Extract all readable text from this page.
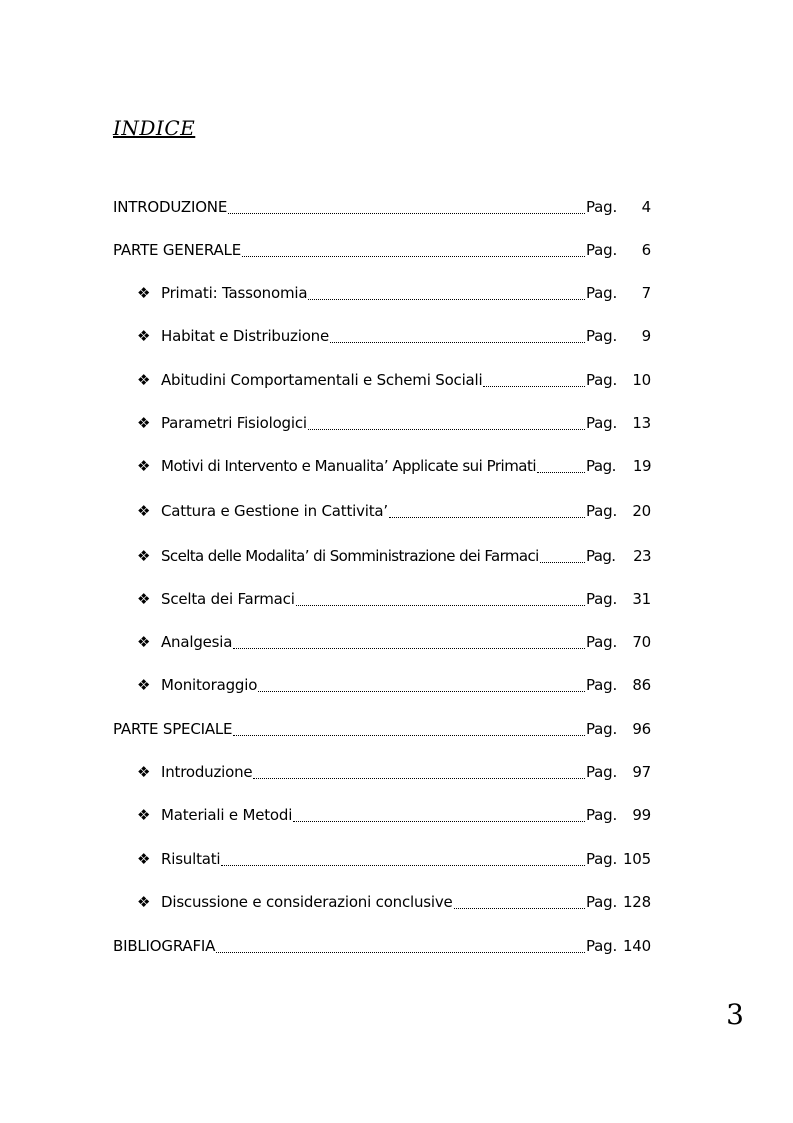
INDICE
INTRODUZIONE	Pag.	4
PARTE GENERALE	Pag.	6
❖ Primati: Tassonomia	Pag.	7
❖ Habitat e Distribuzione	Pag.	9
❖ Abitudini Comportamentali e Schemi Sociali	Pag.	10
❖ Parametri Fisiologici	Pag.	13
❖ Motivi di Intervento e Manualita’ Applicate sui Primati	Pag.	19
❖ Cattura e Gestione in Cattivita’	Pag.	20
❖ Scelta delle Modalita’ di Somministrazione dei Farmaci	Pag.	23
❖ Scelta dei Farmaci	Pag.	31
❖ Analgesia	Pag.	70
❖ Monitoraggio	Pag.	86
PARTE SPECIALE	Pag.	96
❖ Introduzione	Pag.	97
❖ Materiali e Metodi	Pag.	99
❖ Risultati	Pag. 105
❖ Discussione e considerazioni conclusive	Pag. 128
BIBLIOGRAFIA	Pag. 140
3
